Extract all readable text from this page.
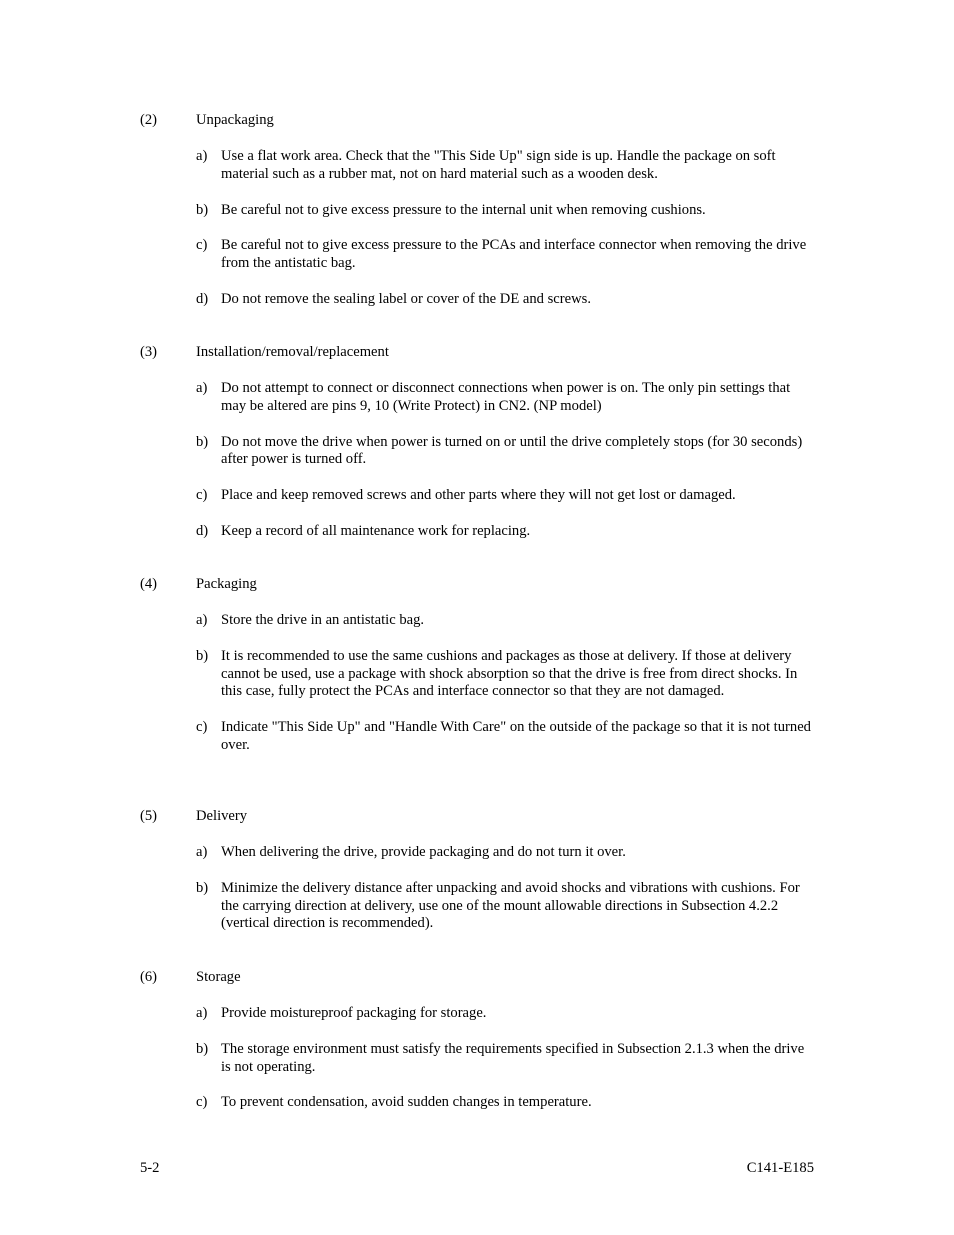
(2)	Unpackaging
a) Use a flat work area. Check that the "This Side Up" sign side is up. Handle the package on soft material such as a rubber mat, not on hard material such as a wooden desk.
b) Be careful not to give excess pressure to the internal unit when removing cushions.
c) Be careful not to give excess pressure to the PCAs and interface connector when removing the drive from the antistatic bag.
d) Do not remove the sealing label or cover of the DE and screws.
(3)	Installation/removal/replacement
a) Do not attempt to connect or disconnect connections when power is on. The only pin settings that may be altered are pins 9, 10 (Write Protect) in CN2. (NP model)
b) Do not move the drive when power is turned on or until the drive completely stops (for 30 seconds) after power is turned off.
c) Place and keep removed screws and other parts where they will not get lost or damaged.
d) Keep a record of all maintenance work for replacing.
(4)	Packaging
a) Store the drive in an antistatic bag.
b) It is recommended to use the same cushions and packages as those at delivery. If those at delivery cannot be used, use a package with shock absorption so that the drive is free from direct shocks. In this case, fully protect the PCAs and interface connector so that they are not damaged.
c) Indicate "This Side Up" and "Handle With Care" on the outside of the package so that it is not turned over.
(5)	Delivery
a) When delivering the drive, provide packaging and do not turn it over.
b) Minimize the delivery distance after unpacking and avoid shocks and vibrations with cushions. For the carrying direction at delivery, use one of the mount allowable directions in Subsection 4.2.2 (vertical direction is recommended).
(6)	Storage
a) Provide moistureproof packaging for storage.
b) The storage environment must satisfy the requirements specified in Subsection 2.1.3 when the drive is not operating.
c) To prevent condensation, avoid sudden changes in temperature.
5-2	C141-E185
